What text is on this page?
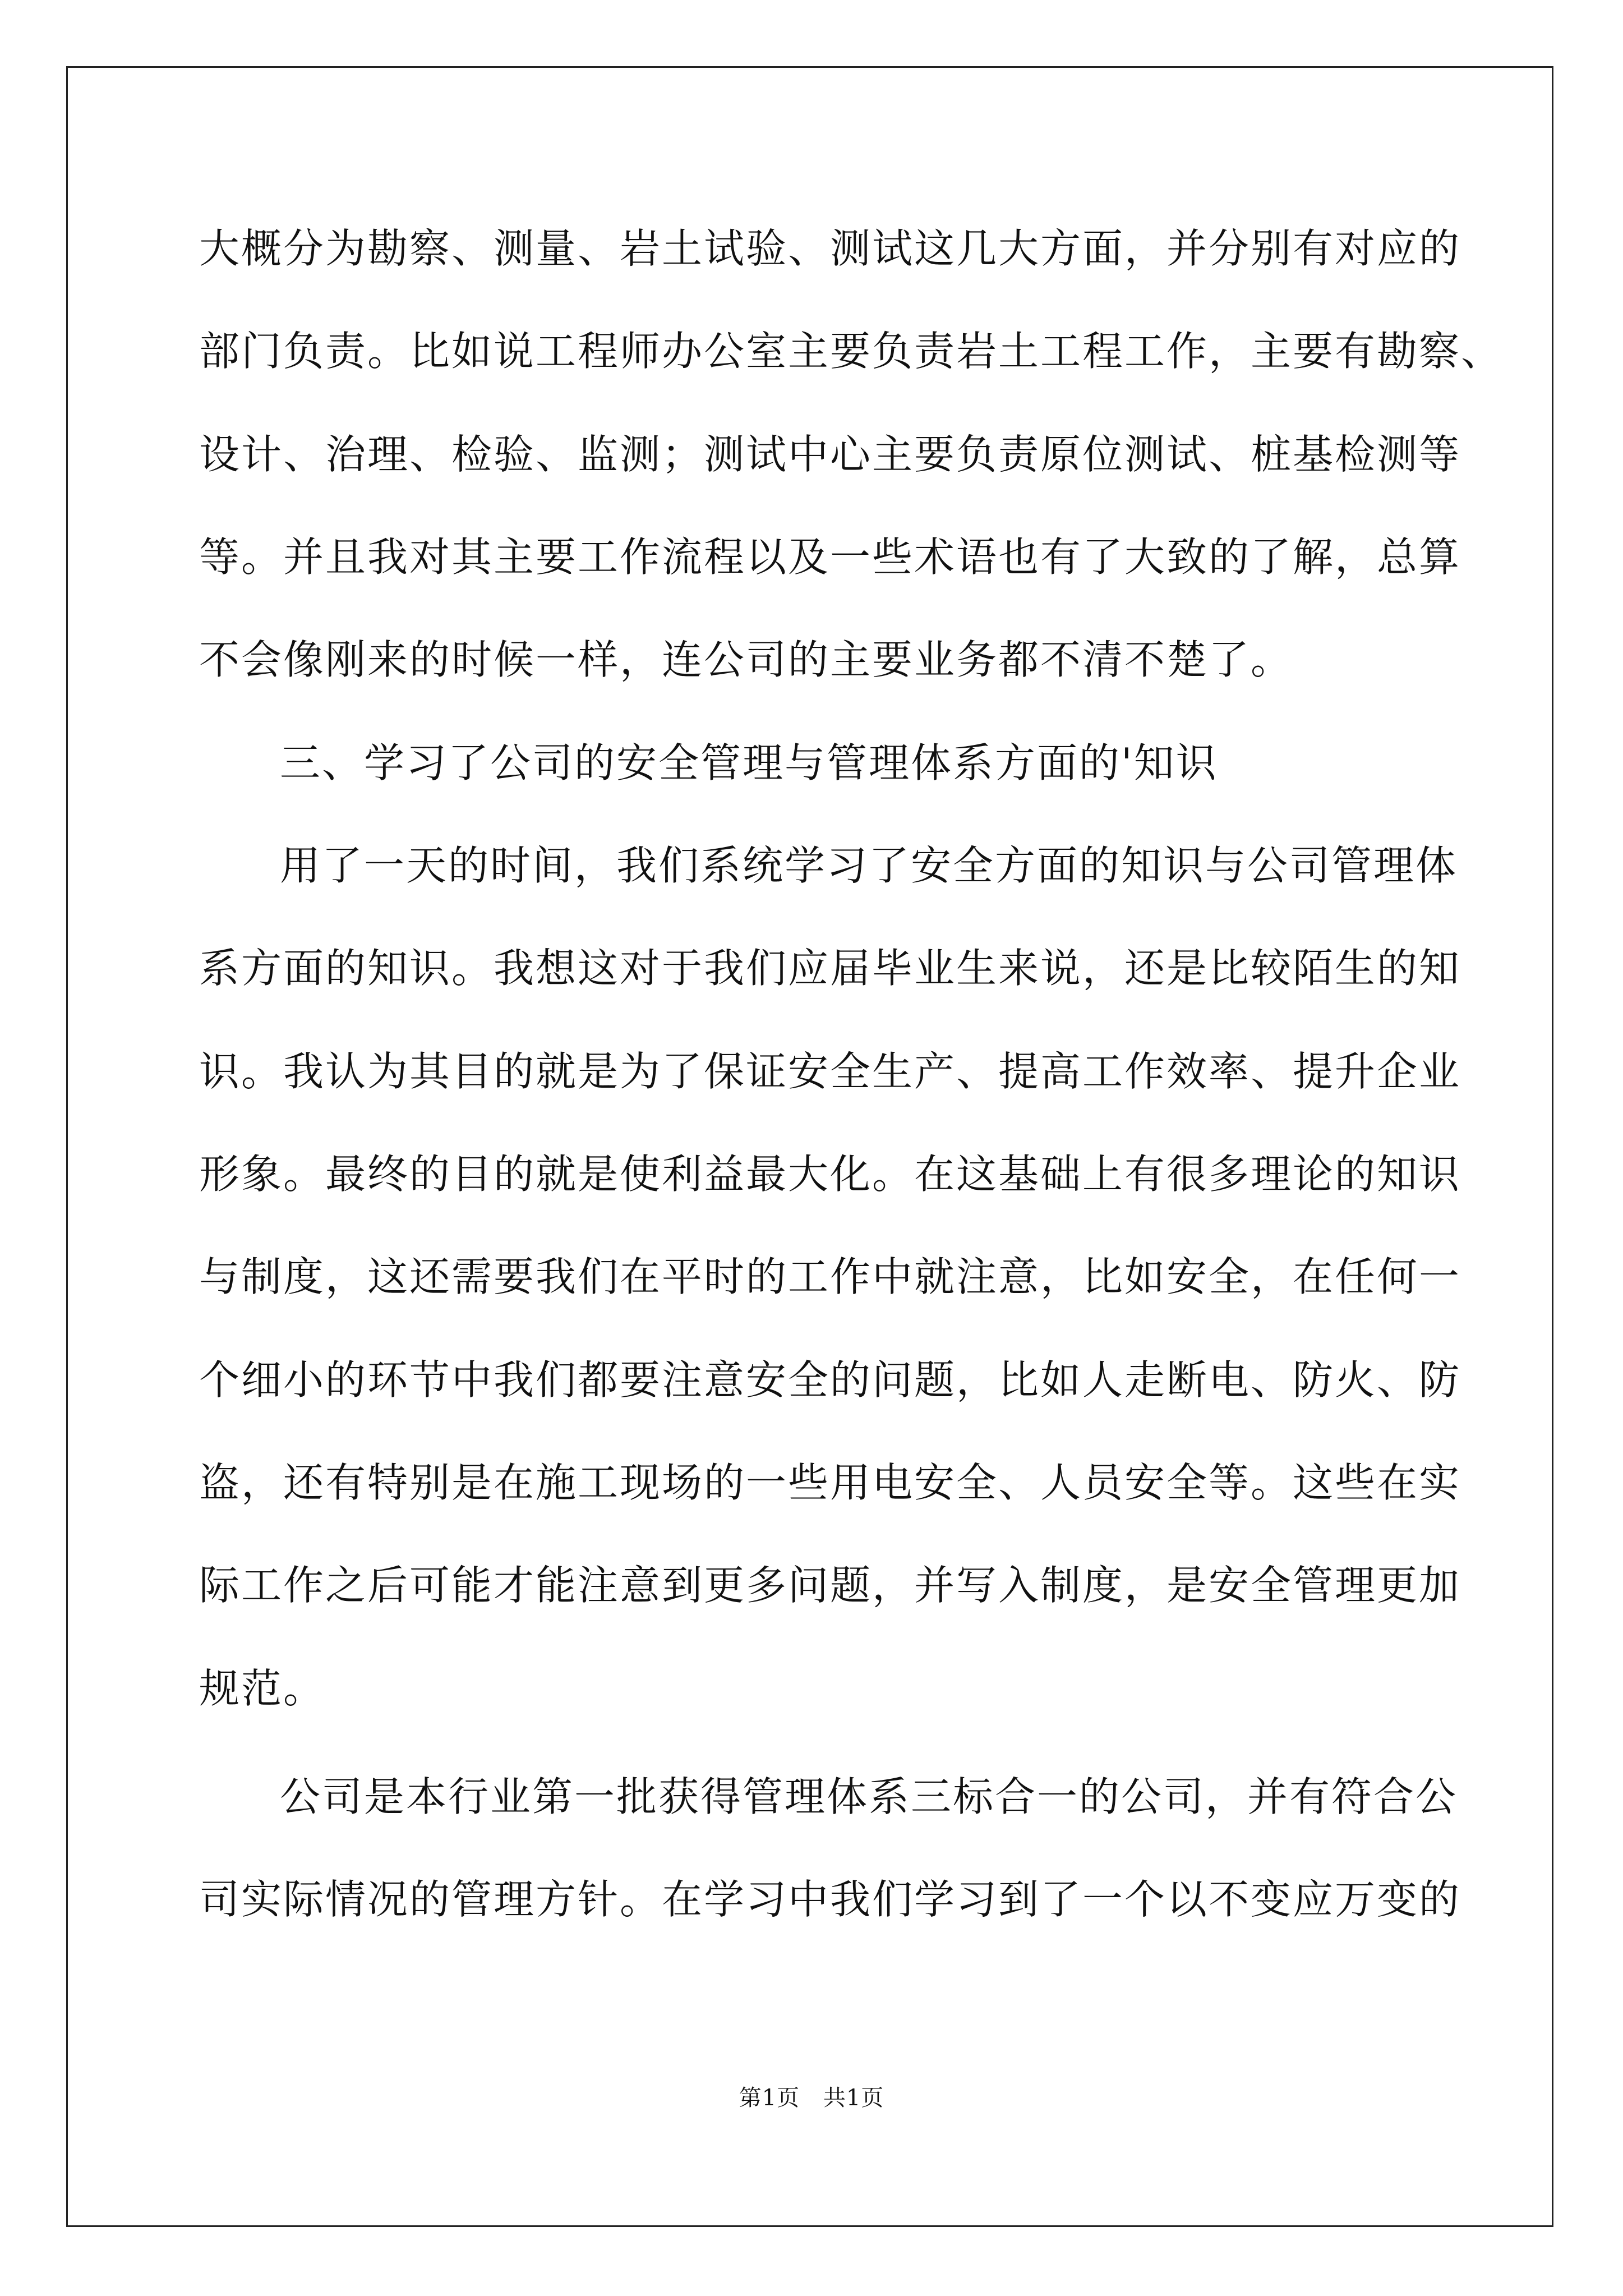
大概分为勘察、测量、岩土试验、测试这几大方面，并分别有对应的
部门负责。比如说工程师办公室主要负责岩土工程工作，主要有勘察、
设计、治理、检验、监测；测试中心主要负责原位测试、桩基检测等
等。并且我对其主要工作流程以及一些术语也有了大致的了解，总算
不会像刚来的时候一样，连公司的主要业务都不清不楚了。
三、学习了公司的安全管理与管理体系方面的'知识
用了一天的时间，我们系统学习了安全方面的知识与公司管理体
系方面的知识。我想这对于我们应届毕业生来说，还是比较陌生的知
识。我认为其目的就是为了保证安全生产、提高工作效率、提升企业
形象。最终的目的就是使利益最大化。在这基础上有很多理论的知识
与制度，这还需要我们在平时的工作中就注意，比如安全，在任何一
个细小的环节中我们都要注意安全的问题，比如人走断电、防火、防
盗，还有特别是在施工现场的一些用电安全、人员安全等。这些在实
际工作之后可能才能注意到更多问题，并写入制度，是安全管理更加
规范。
公司是本行业第一批获得管理体系三标合一的公司，并有符合公
司实际情况的管理方针。在学习中我们学习到了一个以不变应万变的
第1页 共1页
